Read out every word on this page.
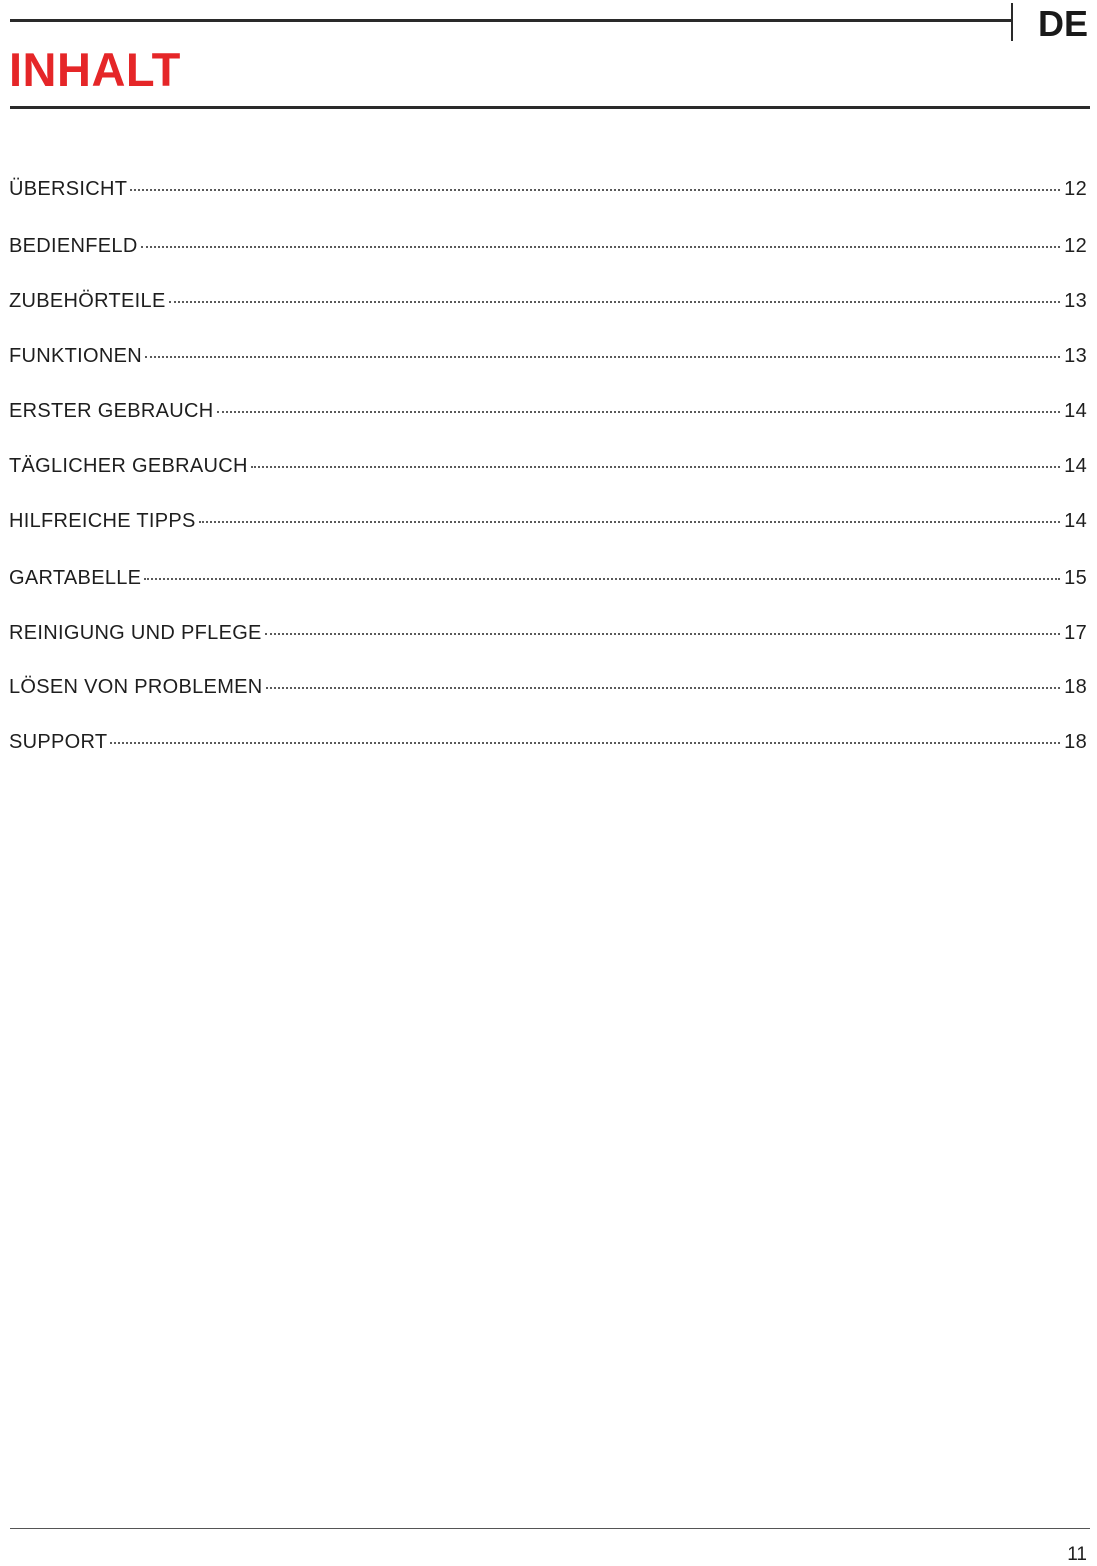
DE
INHALT
ÜBERSICHT	12
BEDIENFELD	12
ZUBEHÖRTEILE	13
FUNKTIONEN	13
ERSTER GEBRAUCH	14
TÄGLICHER GEBRAUCH	14
HILFREICHE TIPPS	14
GARTABELLE	15
REINIGUNG UND PFLEGE	17
LÖSEN VON PROBLEMEN	18
SUPPORT	18
11
